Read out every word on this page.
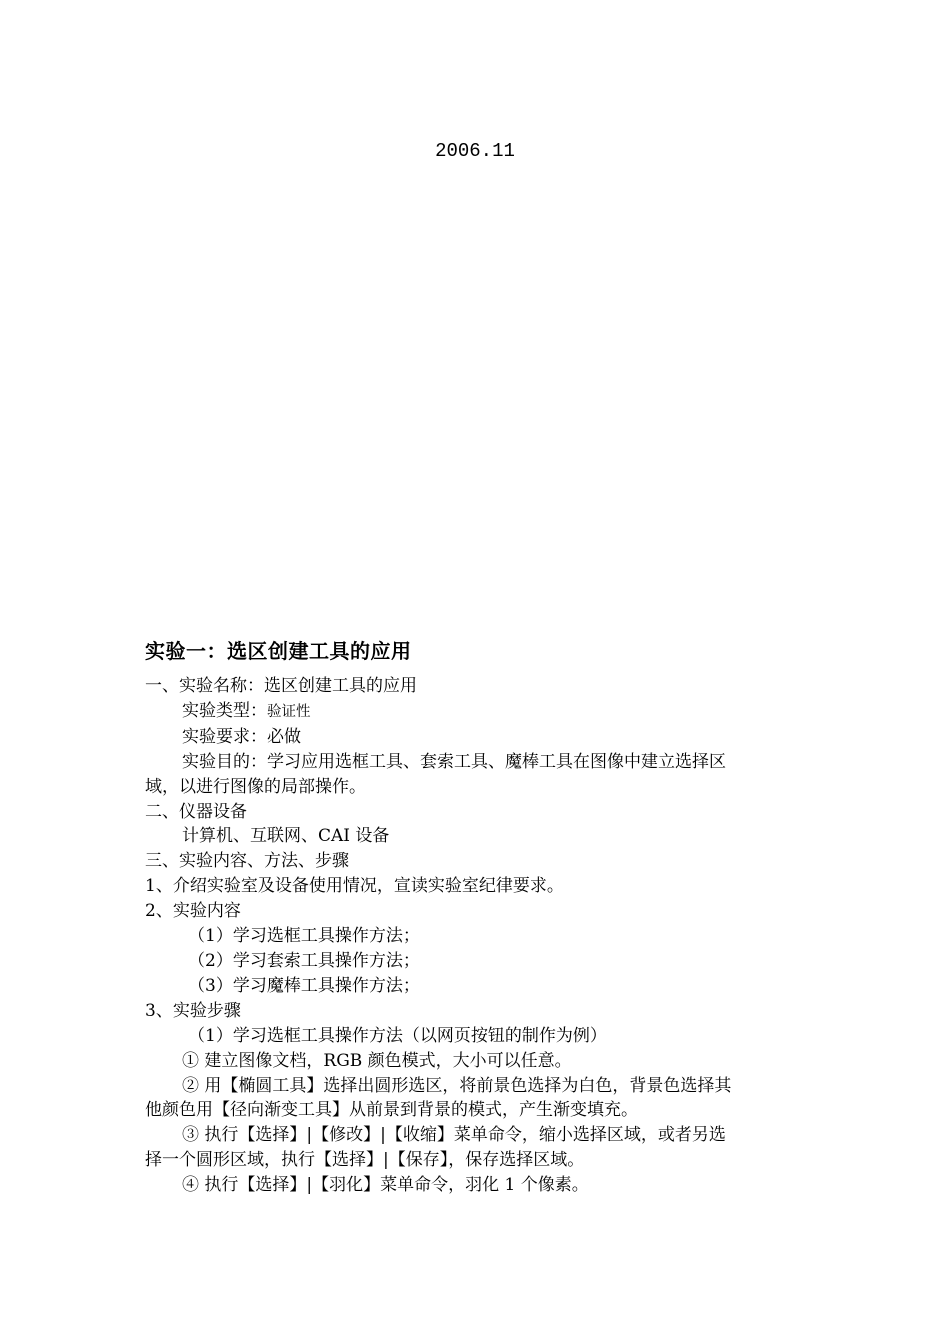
2006.11
实验一：选区创建工具的应用
一、实验名称：选区创建工具的应用
实验类型：验证性
实验要求：必做
实验目的：学习应用选框工具、套索工具、魔棒工具在图像中建立选择区
域，以进行图像的局部操作。
二、仪器设备
计算机、互联网、CAI 设备
三、实验内容、方法、步骤
1、介绍实验室及设备使用情况，宣读实验室纪律要求。
2、实验内容
（1）学习选框工具操作方法；
（2）学习套索工具操作方法；
（3）学习魔棒工具操作方法；
3、实验步骤
（1）学习选框工具操作方法（以网页按钮的制作为例）
① 建立图像文档，RGB 颜色模式，大小可以任意。
② 用【椭圆工具】选择出圆形选区，将前景色选择为白色，背景色选择其
他颜色用【径向渐变工具】从前景到背景的模式，产生渐变填充。
③ 执行【选择】|【修改】|【收缩】菜单命令，缩小选择区域，或者另选
择一个圆形区域，执行【选择】|【保存】，保存选择区域。
④ 执行【选择】|【羽化】菜单命令，羽化 1 个像素。
